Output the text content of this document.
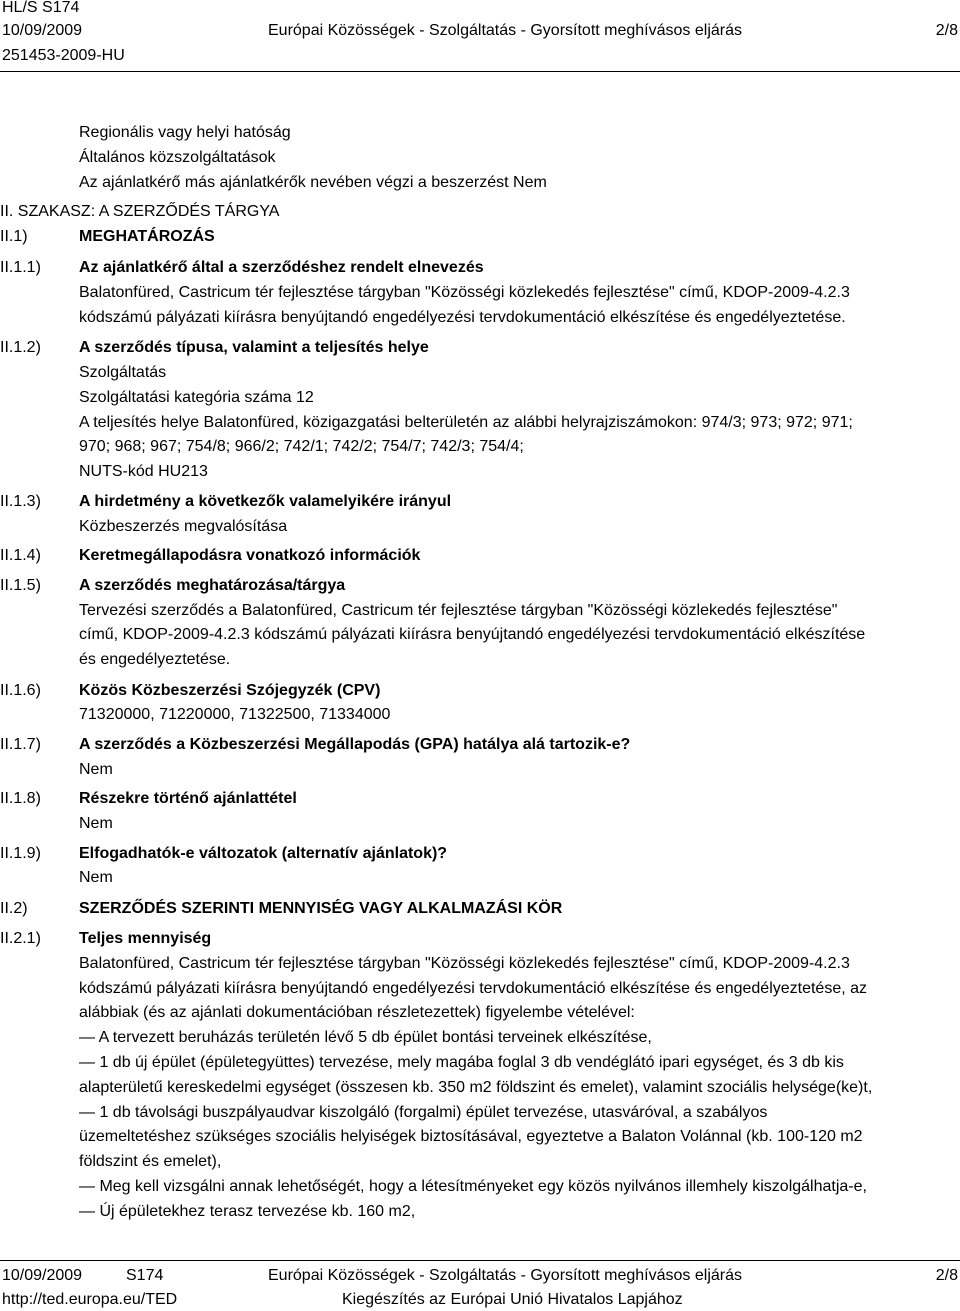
HL/S S174
10/09/2009	Európai Közösségek - Szolgáltatás - Gyorsított meghívásos eljárás	2/8
251453-2009-HU
Regionális vagy helyi hatóság
Általános közszolgáltatások
Az ajánlatkérő más ajánlatkérők nevében végzi a beszerzést Nem
II. SZAKASZ: A SZERZŐDÉS TÁRGYA
II.1)	MEGHATÁROZÁS
II.1.1) Az ajánlatkérő által a szerződéshez rendelt elnevezés
Balatonfüred, Castricum tér fejlesztése tárgyban "Közösségi közlekedés fejlesztése" című, KDOP-2009-4.2.3
kódszámú pályázati kiírásra benyújtandó engedélyezési tervdokumentáció elkészítése és engedélyeztetése.
II.1.2) A szerződés típusa, valamint a teljesítés helye
Szolgáltatás
Szolgáltatási kategória száma 12
A teljesítés helye Balatonfüred, közigazgatási belterületén az alábbi helyrajziszámokon: 974/3; 973; 972; 971;
970; 968; 967; 754/8; 966/2; 742/1; 742/2; 754/7; 742/3; 754/4;
NUTS-kód HU213
II.1.3) A hirdetmény a következők valamelyikére irányul
Közbeszerzés megvalósítása
II.1.4) Keretmegállapodásra vonatkozó információk
II.1.5) A szerződés meghatározása/tárgya
Tervezési szerződés a Balatonfüred, Castricum tér fejlesztése tárgyban "Közösségi közlekedés fejlesztése"
című, KDOP-2009-4.2.3 kódszámú pályázati kiírásra benyújtandó engedélyezési tervdokumentáció elkészítése
és engedélyeztetése.
II.1.6) Közös Közbeszerzési Szójegyzék (CPV)
71320000, 71220000, 71322500, 71334000
II.1.7) A szerződés a Közbeszerzési Megállapodás (GPA) hatálya alá tartozik-e?
Nem
II.1.8) Részekre történő ajánlattétel
Nem
II.1.9) Elfogadhatók-e változatok (alternatív ajánlatok)?
Nem
II.2)	SZERZŐDÉS SZERINTI MENNYISÉG VAGY ALKALMAZÁSI KÖR
II.2.1) Teljes mennyiség
Balatonfüred, Castricum tér fejlesztése tárgyban "Közösségi közlekedés fejlesztése" című, KDOP-2009-4.2.3
kódszámú pályázati kiírásra benyújtandó engedélyezési tervdokumentáció elkészítése és engedélyeztetése, az
alábbiak (és az ajánlati dokumentációban részletezettek) figyelembe vételével:
— A tervezett beruházás területén lévő 5 db épület bontási terveinek elkészítése,
— 1 db új épület (épületegyüttes) tervezése, mely magába foglal 3 db vendéglátó ipari egységet, és 3 db kis
alapterületű kereskedelmi egységet (összesen kb. 350 m2 földszint és emelet), valamint szociális helysége(ke)t,
— 1 db távolsági buszpályaudvar kiszolgáló (forgalmi) épület tervezése, utasváróval, a szabályos
üzemeltetéshez szükséges szociális helyiségek biztosításával, egyeztetve a Balaton Volánnal (kb. 100-120 m2
földszint és emelet),
— Meg kell vizsgálni annak lehetőségét, hogy a létesítményeket egy közös nyilvános illemhely kiszolgálhatja-e,
— Új épületekhez terasz tervezése kb. 160 m2,
10/09/2009	S174	Európai Közösségek - Szolgáltatás - Gyorsított meghívásos eljárás	2/8
http://ted.europa.eu/TED	Kiegészítés az Európai Unió Hivatalos Lapjához
